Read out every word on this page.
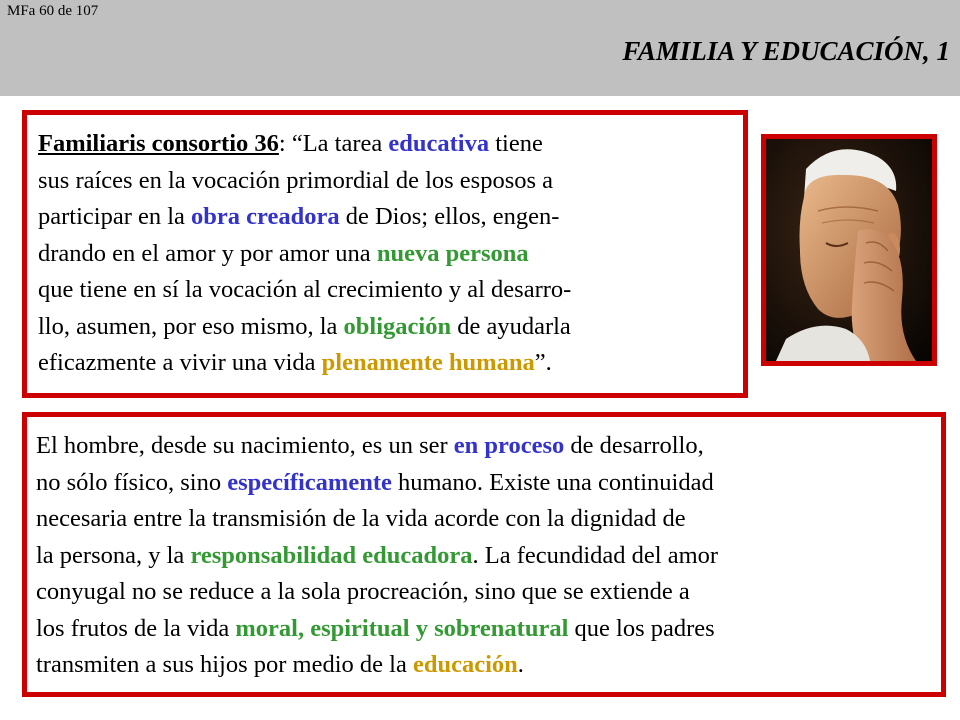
MFa 60 de 107
FAMILIA Y EDUCACIÓN, 1

Familiaris consortio 36: “La tarea educativa tiene
sus raíces en la vocación primordial de los esposos a
participar en la obra creadora de Dios; ellos, engen-
drando en el amor y por amor una nueva persona
que tiene en sí la vocación al crecimiento y al desarro-
llo, asumen, por eso mismo, la obligación de ayudarla
eficazmente a vivir una vida plenamente humana”.

El hombre, desde su nacimiento, es un ser en proceso de desarrollo,
no sólo físico, sino específicamente humano. Existe una continuidad
necesaria entre la transmisión de la vida acorde con la dignidad de
la persona, y la responsabilidad educadora. La fecundidad del amor
conyugal no se reduce a la sola procreación, sino que se extiende a
los frutos de la vida moral, espiritual y sobrenatural que los padres
transmiten a sus hijos por medio de la educación.
